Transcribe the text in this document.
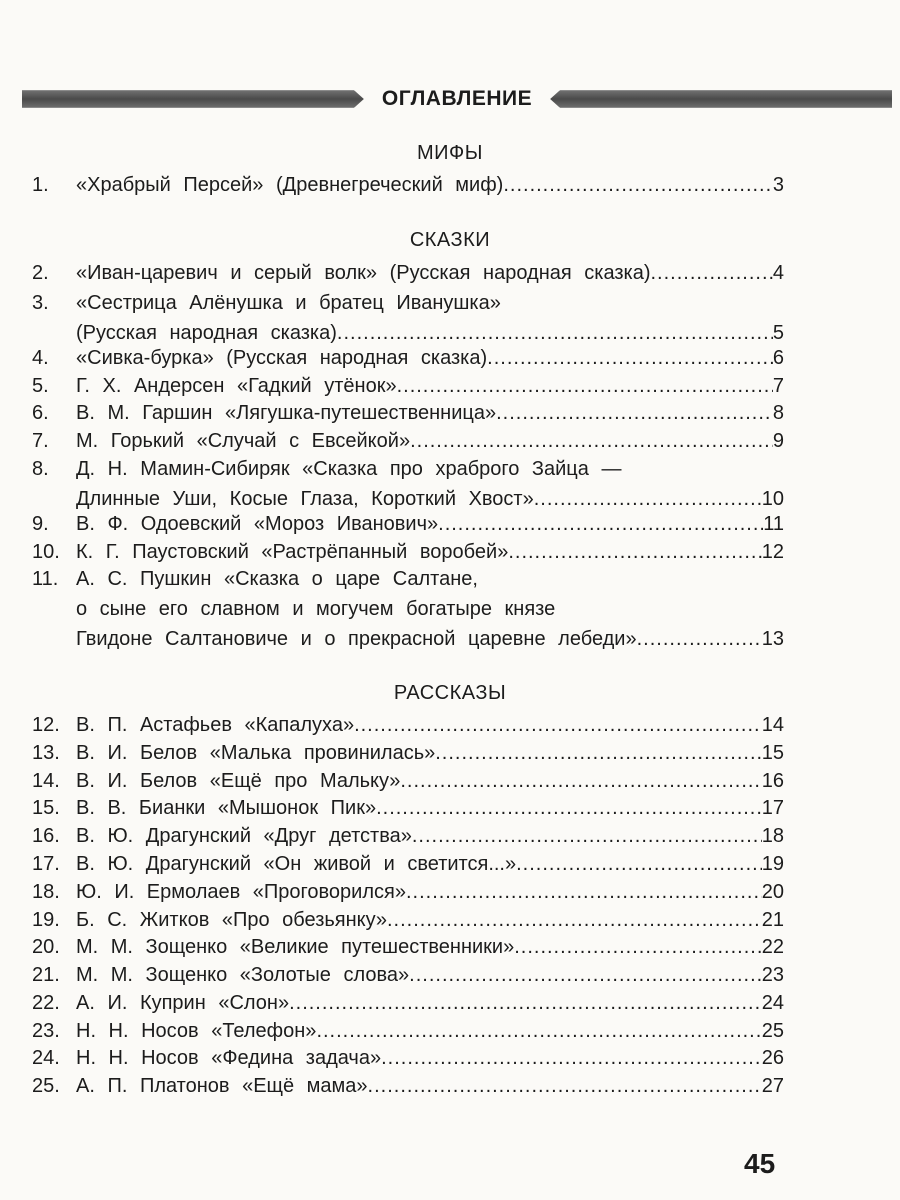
ОГЛАВЛЕНИЕ
МИФЫ
1. «Храбрый Персей» (Древнегреческий миф) .....	3
СКАЗКИ
2. «Иван-царевич и серый волк» (Русская народная сказка) .....	4
3. «Сестрица Алёнушка и братец Иванушка»
(Русская народная сказка) .....	5
4. «Сивка-бурка» (Русская народная сказка) .....	6
5. Г. Х. Андерсен «Гадкий утёнок» .....	7
6. В. М. Гаршин «Лягушка-путешественница» .....	8
7. М. Горький «Случай с Евсейкой» .....	9
8. Д. Н. Мамин-Сибиряк «Сказка про храброго Зайца —
Длинные Уши, Косые Глаза, Короткий Хвост» .....	10
9. В. Ф. Одоевский «Мороз Иванович» .....	11
10. К. Г. Паустовский «Растрёпанный воробей» .....	12
11. А. С. Пушкин «Сказка о царе Салтане,
о сыне его славном и могучем богатыре князе
Гвидоне Салтановиче и о прекрасной царевне лебеди» .....	13
РАССКАЗЫ
12. В. П. Астафьев «Капалуха» .....	14
13. В. И. Белов «Малька провинилась» .....	15
14. В. И. Белов «Ещё про Мальку» .....	16
15. В. В. Бианки «Мышонок Пик» .....	17
16. В. Ю. Драгунский «Друг детства» .....	18
17. В. Ю. Драгунский «Он живой и светится...» .....	19
18. Ю. И. Ермолаев «Проговорился» .....	20
19. Б. С. Житков «Про обезьянку» .....	21
20. М. М. Зощенко «Великие путешественники» .....	22
21. М. М. Зощенко «Золотые слова» .....	23
22. А. И. Куприн «Слон» .....	24
23. Н. Н. Носов «Телефон» .....	25
24. Н. Н. Носов «Федина задача» .....	26
25. А. П. Платонов «Ещё мама» .....	27
45
